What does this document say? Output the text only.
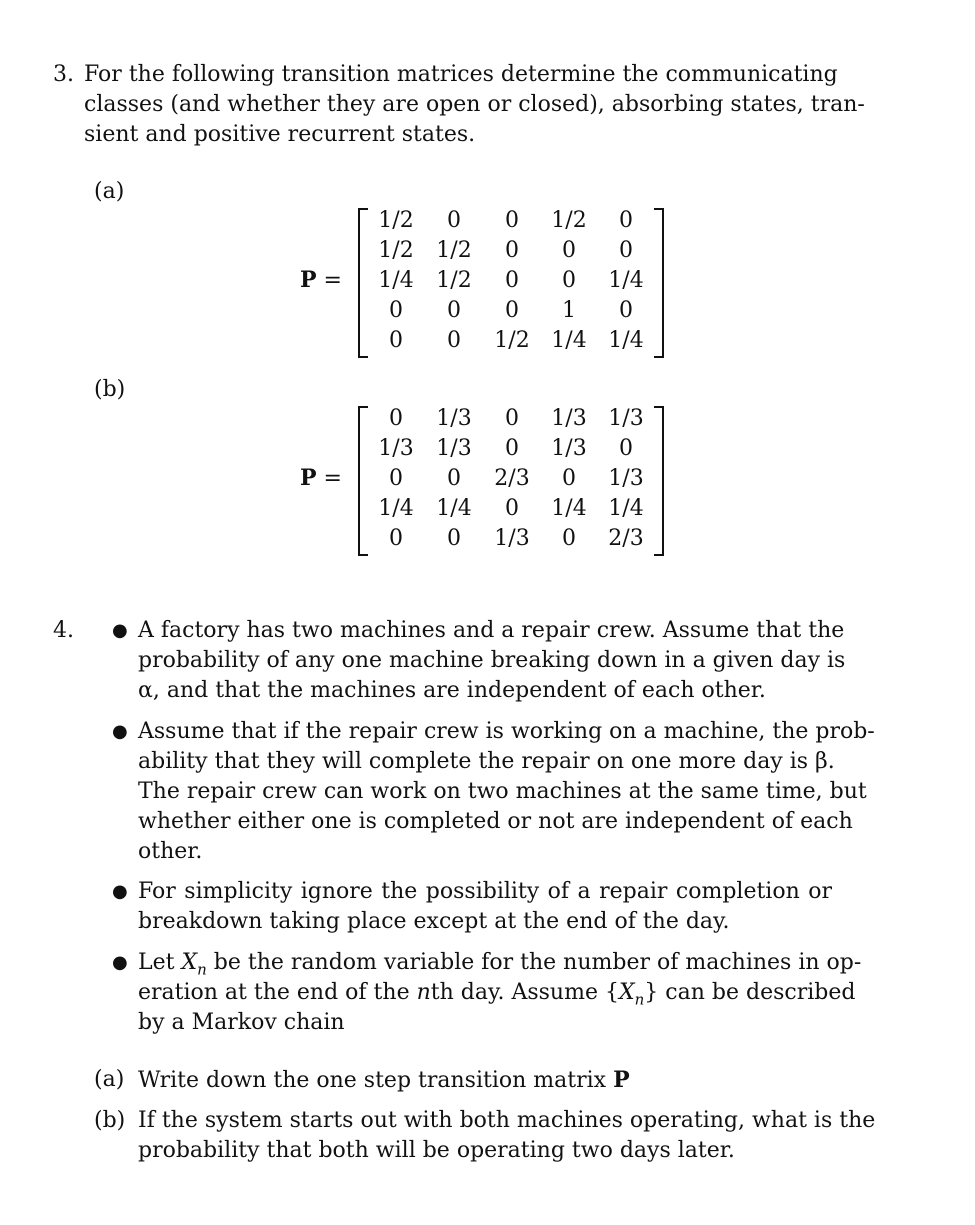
3. For the following transition matrices determine the communicating
classes (and whether they are open or closed), absorbing states, tran-
sient and positive recurrent states.
(a)
P =
1/2	0	0	1/2	0
1/2	1/2	0	0	0
1/4	1/2	0	0	1/4
0	0	0	1	0
0	0	1/2 1/4 1/4
(b)
P =
0	1/3	0	1/3 1/3
1/3	1/3	0	1/3	0
0	0	2/3	0	1/3
1/4	1/4	0	1/4 1/4
0	0	1/3	0	2/3
4. ● A factory has two machines and a repair crew. Assume that the
probability of any one machine breaking down in a given day is
α, and that the machines are independent of each other.
● Assume that if the repair crew is working on a machine, the prob-
ability that they will complete the repair on one more day is β.
The repair crew can work on two machines at the same time, but
whether either one is completed or not are independent of each
other.
● For simplicity ignore the possibility of a repair completion or
breakdown taking place except at the end of the day.
● Let $X_n$ be the random variable for the number of machines in op-
eration at the end of the nth day. Assume $\{X_n\}$ can be described
by a Markov chain
(a) Write down the one step transition matrix P
(b) If the system starts out with both machines operating, what is the
probability that both will be operating two days later.
